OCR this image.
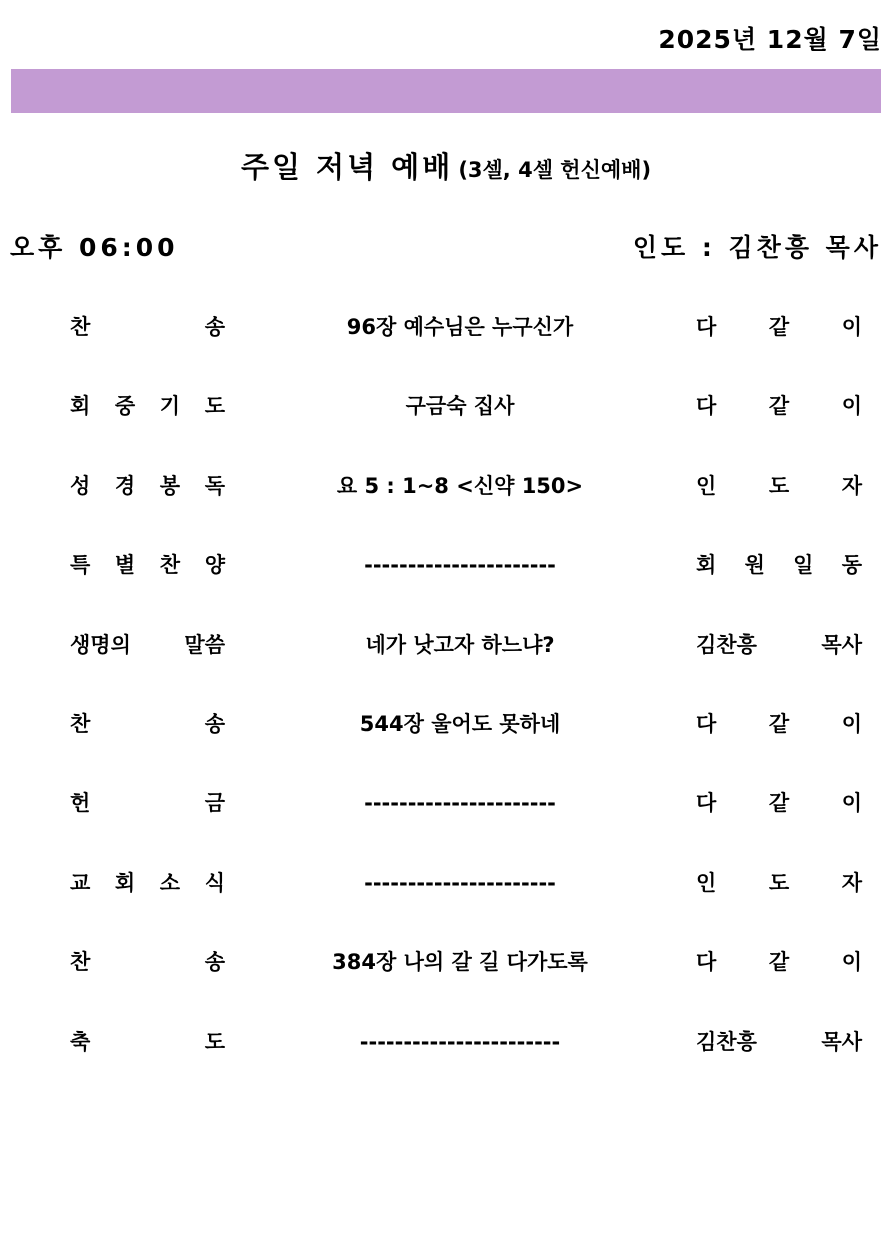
2025년 12월 7일
주일 저녁 예배 (3셀, 4셀 헌신예배)
오후 06:00	인도 : 김찬흥 목사
찬 송	96장 예수님은 누구신가	다 같 이
회 중 기 도	구금숙 집사	다 같 이
성 경 봉 독	요 5 : 1~8 <신약 150>	인 도 자
특 별 찬 양	----------------------	회 원 일 동
생명의 말씀	네가 낫고자 하느냐?	김찬흥 목사
찬 송	544장 울어도 못하네	다 같 이
헌 금	----------------------	다 같 이
교 회 소 식	----------------------	인 도 자
찬 송	384장 나의 갈 길 다가도록	다 같 이
축 도	-----------------------	김찬흥 목사
